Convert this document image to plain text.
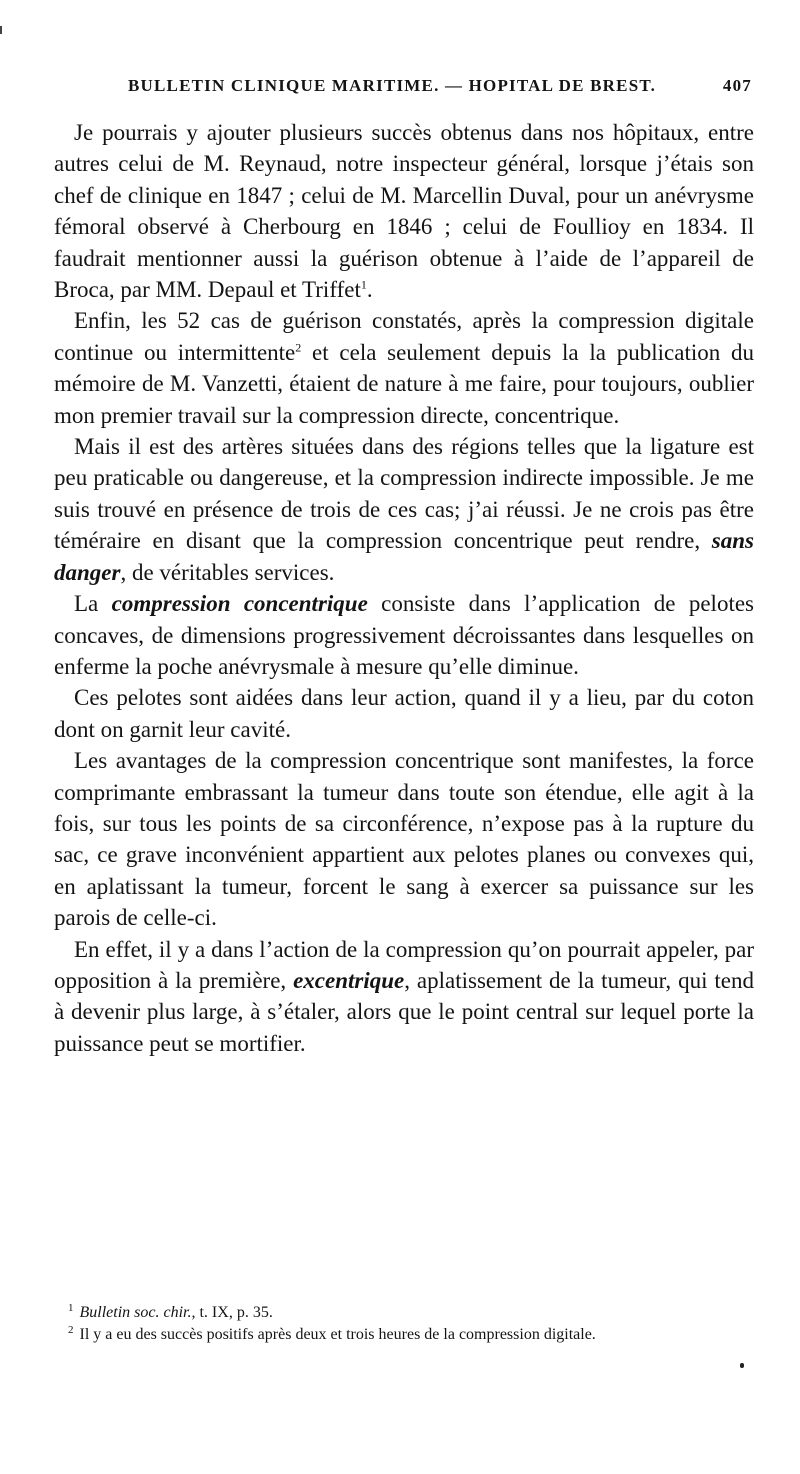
BULLETIN CLINIQUE MARITIME. — HOPITAL DE BREST.	407

Je pourrais y ajouter plusieurs succès obtenus dans nos hôpitaux, entre autres celui de M. Reynaud, notre inspecteur général, lorsque j’étais son chef de clinique en 1847 ; celui de M. Marcellin Duval, pour un anévrysme fémoral observé à Cherbourg en 1846 ; celui de Foullioy en 1834. Il faudrait mentionner aussi la guérison obtenue à l’aide de l’appareil de Broca, par MM. Depaul et Triffet$^1$.

Enfin, les 52 cas de guérison constatés, après la compression digitale continue ou intermittente$^2$ et cela seulement depuis la la publication du mémoire de M. Vanzetti, étaient de nature à me faire, pour toujours, oublier mon premier travail sur la compression directe, concentrique.

Mais il est des artères situées dans des régions telles que la ligature est peu praticable ou dangereuse, et la compression indirecte impossible. Je me suis trouvé en présence de trois de ces cas; j’ai réussi. Je ne crois pas être téméraire en disant que la compression concentrique peut rendre, sans danger, de véritables services.

La compression concentrique consiste dans l’application de pelotes concaves, de dimensions progressivement décroissantes dans lesquelles on enferme la poche anévrysmale à mesure qu’elle diminue.

Ces pelotes sont aidées dans leur action, quand il y a lieu, par du coton dont on garnit leur cavité.

Les avantages de la compression concentrique sont manifestes, la force comprimante embrassant la tumeur dans toute son étendue, elle agit à la fois, sur tous les points de sa circonférence, n’expose pas à la rupture du sac, ce grave inconvénient appartient aux pelotes planes ou convexes qui, en aplatissant la tumeur, forcent le sang à exercer sa puissance sur les parois de celle-ci.

En effet, il y a dans l’action de la compression qu’on pourrait appeler, par opposition à la première, excentrique, aplatissement de la tumeur, qui tend à devenir plus large, à s’étaler, alors que le point central sur lequel porte la puissance peut se mortifier.

$^1$ Bulletin soc. chir., t. IX, p. 35.

$^2$ Il y a eu des succès positifs après deux et trois heures de la compression digitale.
